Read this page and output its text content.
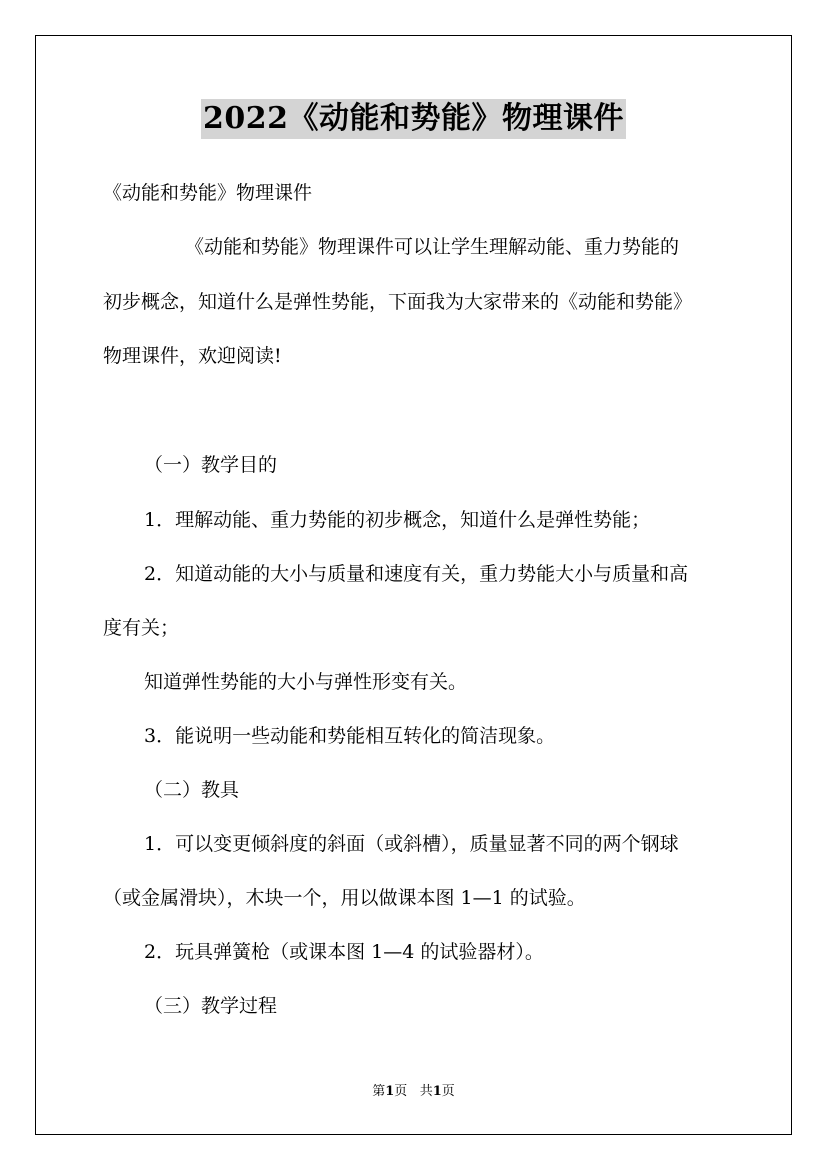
2022《动能和势能》物理课件
《动能和势能》物理课件
《动能和势能》物理课件可以让学生理解动能、重力势能的
初步概念，知道什么是弹性势能，下面我为大家带来的《动能和势能》
物理课件，欢迎阅读!
（一）教学目的
1．理解动能、重力势能的初步概念，知道什么是弹性势能；
2．知道动能的大小与质量和速度有关，重力势能大小与质量和高
度有关；
知道弹性势能的大小与弹性形变有关。
3．能说明一些动能和势能相互转化的简洁现象。
（二）教具
1．可以变更倾斜度的斜面（或斜槽），质量显著不同的两个钢球
（或金属滑块），木块一个，用以做课本图 1—1 的试验。
2．玩具弹簧枪（或课本图 1—4 的试验器材）。
（三）教学过程
第1页   共1页
